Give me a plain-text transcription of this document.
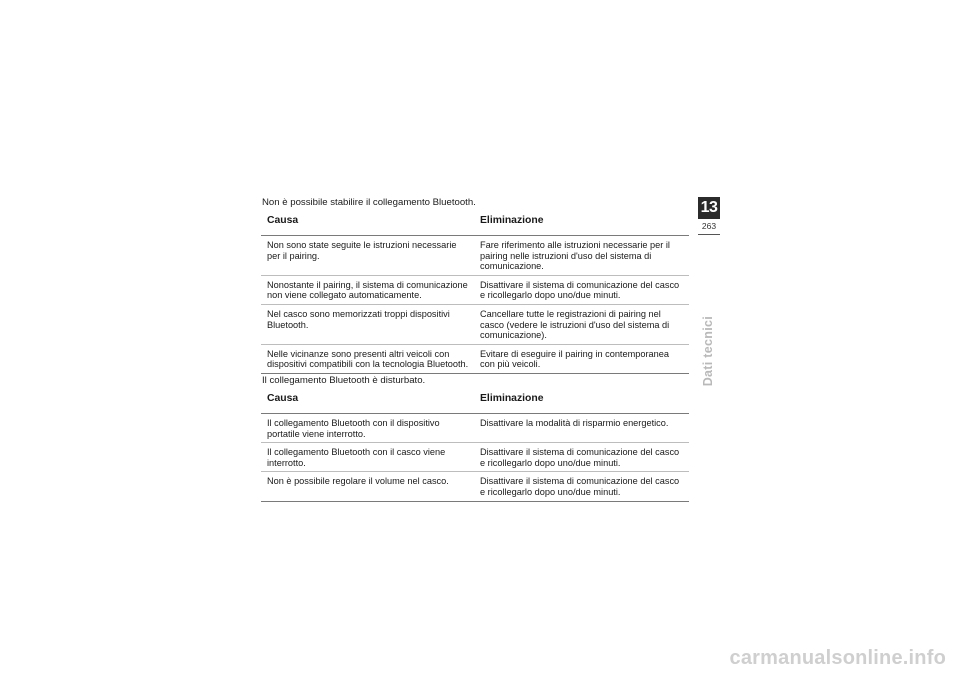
Non è possibile stabilire il collegamento Bluetooth.

Causa	Eliminazione
Non sono state seguite le istruzioni necessarie per il pairing.	Fare riferimento alle istruzioni necessarie per il pairing nelle istruzioni d'uso del sistema di comunicazione.
Nonostante il pairing, il sistema di comunicazione non viene collegato automaticamente.	Disattivare il sistema di comunicazione del casco e ricollegarlo dopo uno/due minuti.
Nel casco sono memorizzati troppi dispositivi Bluetooth.	Cancellare tutte le registrazioni di pairing nel casco (vedere le istruzioni d'uso del sistema di comunicazione).
Nelle vicinanze sono presenti altri veicoli con dispositivi compatibili con la tecnologia Bluetooth.	Evitare di eseguire il pairing in contemporanea con più veicoli.

Il collegamento Bluetooth è disturbato.

Causa	Eliminazione
Il collegamento Bluetooth con il dispositivo portatile viene interrotto.	Disattivare la modalità di risparmio energetico.
Il collegamento Bluetooth con il casco viene interrotto.	Disattivare il sistema di comunicazione del casco e ricollegarlo dopo uno/due minuti.
Non è possibile regolare il volume nel casco.	Disattivare il sistema di comunicazione del casco e ricollegarlo dopo uno/due minuti.
13
263
Dati tecnici
carmanualsonline.info
